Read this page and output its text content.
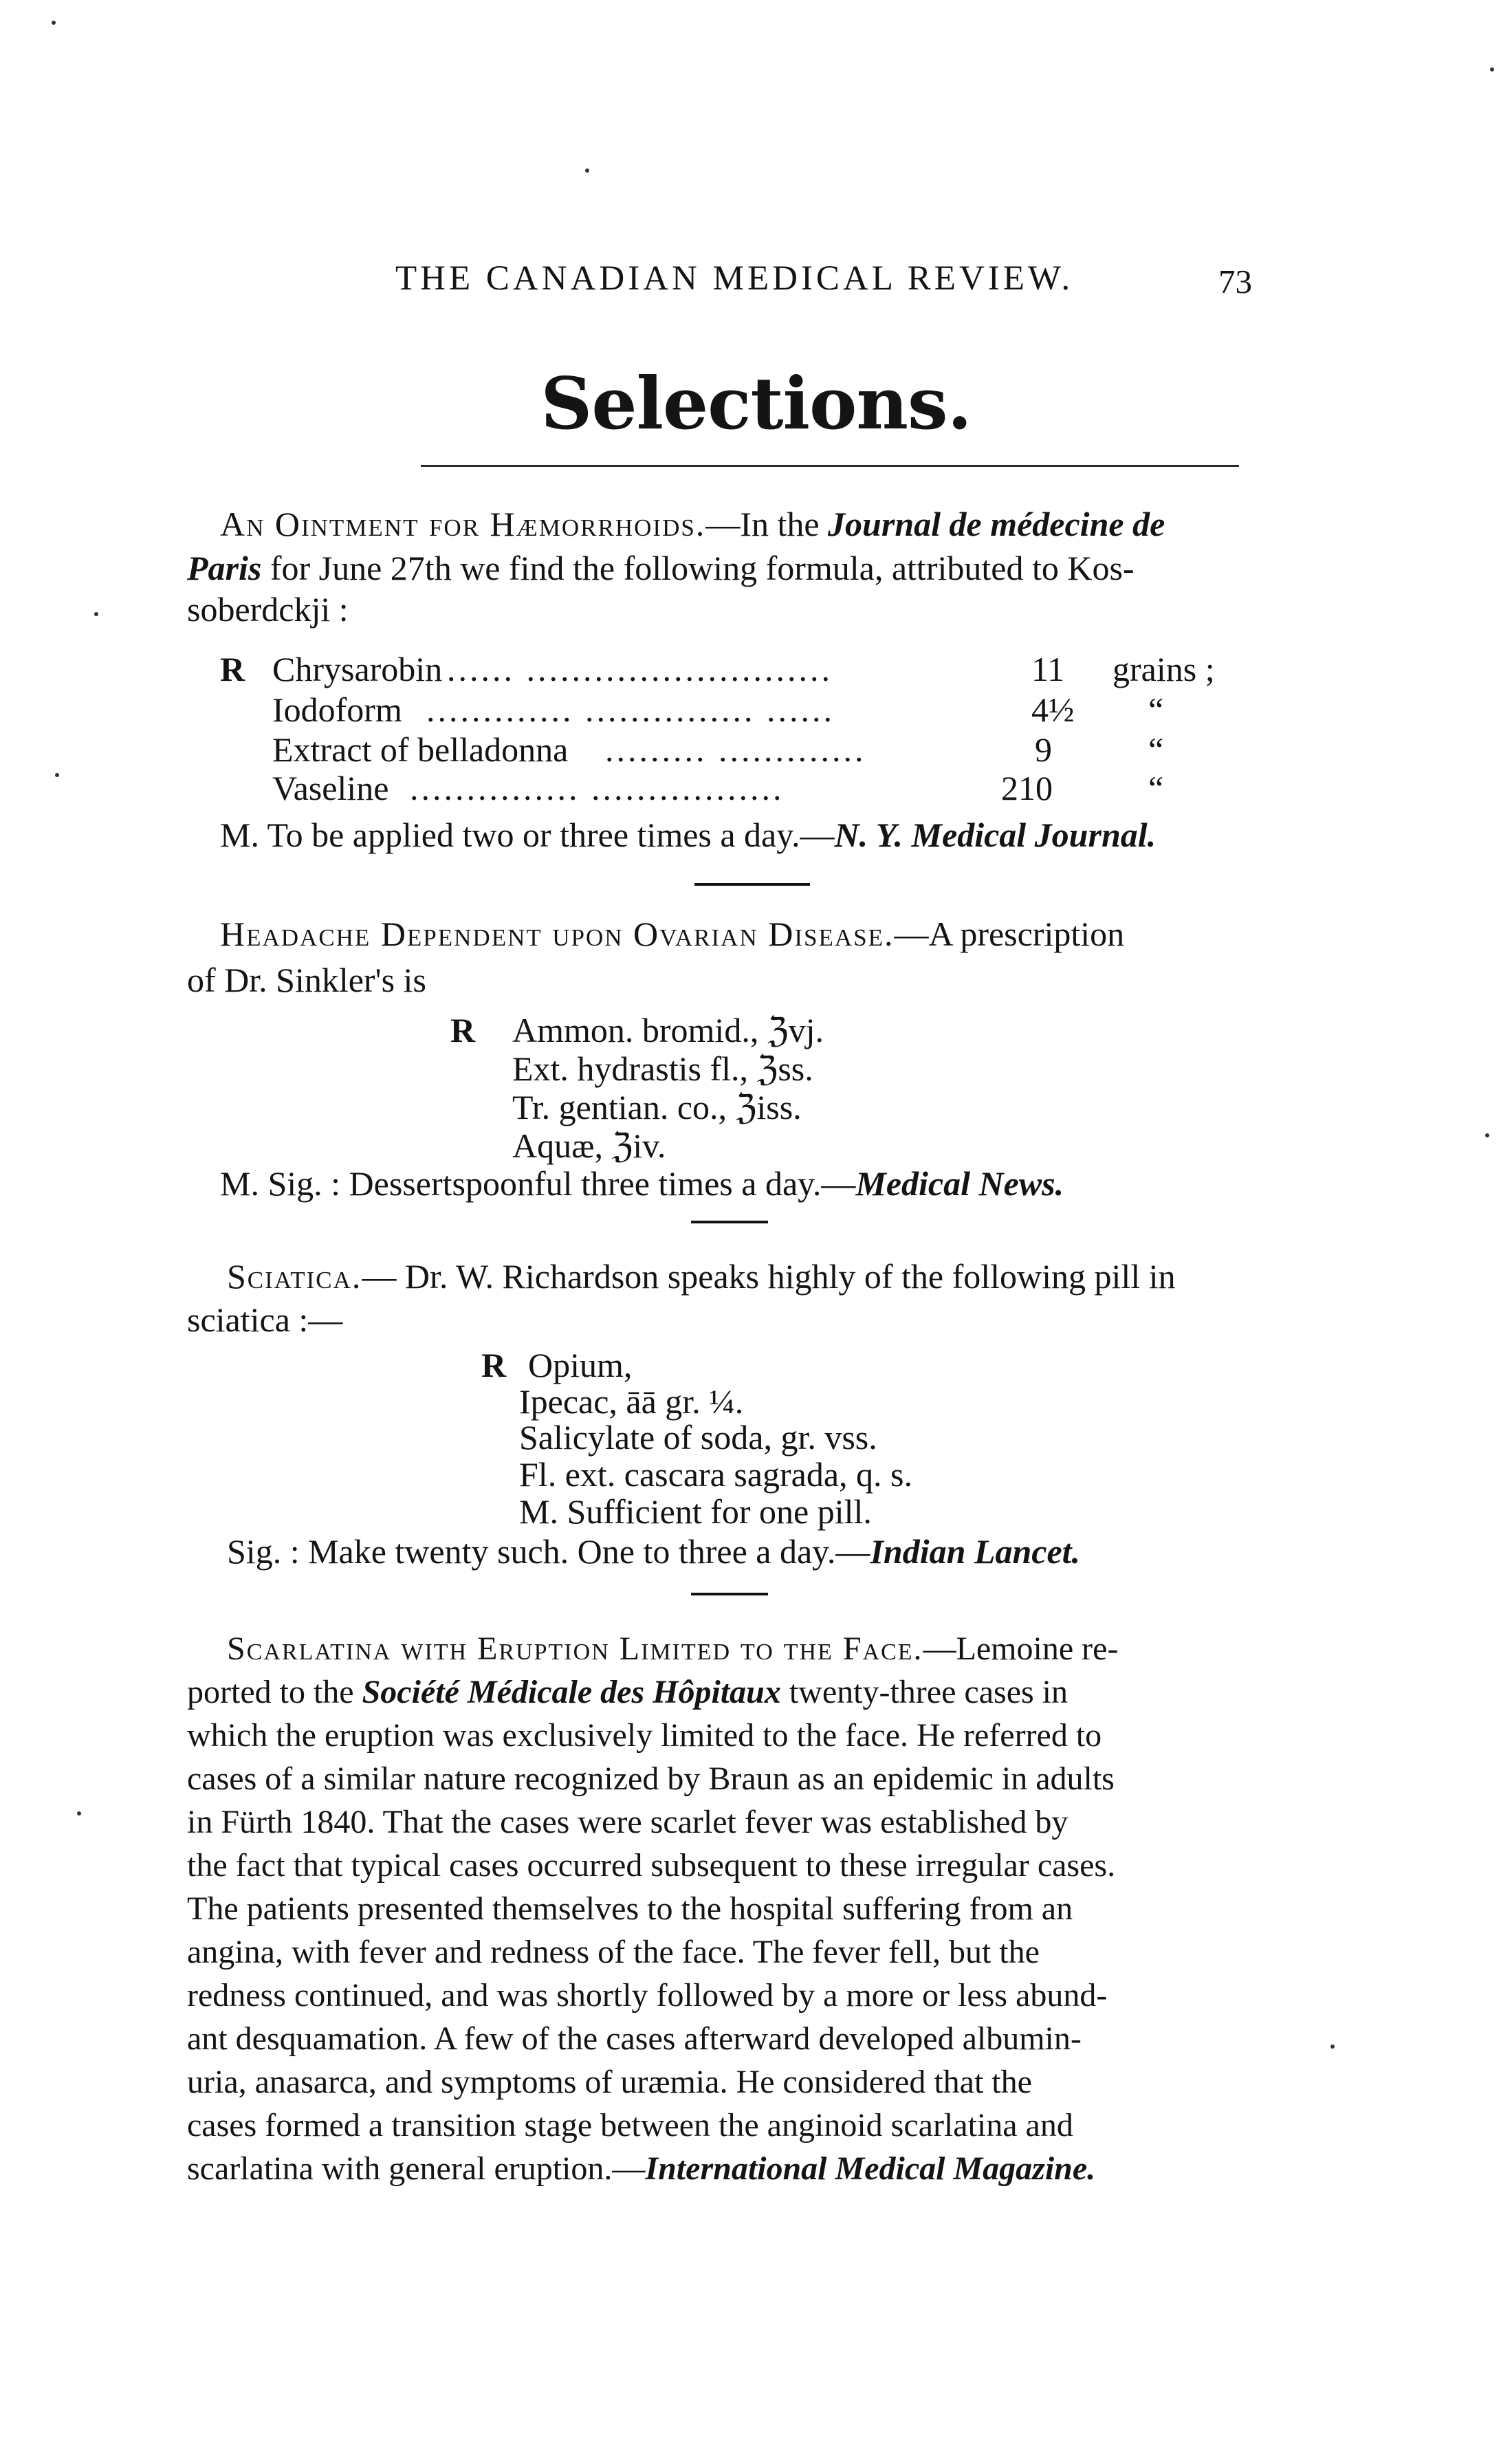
THE CANADIAN MEDICAL REVIEW.	73
Selections.
An Ointment for Hæmorrhoids.—In the Journal de médecine de
Paris for June 27th we find the following formula, attributed to Kos-
soberdckji :
R Chrysarobin ...... ...........................	11 grains ;
Iodoform ............. ............... ......	4½ “
Extract of belladonna ......... .............	9	“
Vaseline ............... .................	210	“
M. To be applied two or three times a day.—N. Y. Medical Journal.
Headache Dependent upon Ovarian Disease.—A prescription
of Dr. Sinkler's is
R Ammon. bromid., ℨvj.
Ext. hydrastis fl., ℨss.
Tr. gentian. co., ℨiss.
Aquæ, ℨiv.
M. Sig. : Dessertspoonful three times a day.—Medical News.
Sciatica.— Dr. W. Richardson speaks highly of the following pill in
sciatica :—
R Opium,
Ipecac, āā gr. ¼.
Salicylate of soda, gr. vss.
Fl. ext. cascara sagrada, q. s.
M. Sufficient for one pill.
Sig. : Make twenty such. One to three a day.—Indian Lancet.
Scarlatina with Eruption Limited to the Face.—Lemoine re-
ported to the Société Médicale des Hôpitaux twenty-three cases in
which the eruption was exclusively limited to the face. He referred to
cases of a similar nature recognized by Braun as an epidemic in adults
in Fürth 1840. That the cases were scarlet fever was established by
the fact that typical cases occurred subsequent to these irregular cases.
The patients presented themselves to the hospital suffering from an
angina, with fever and redness of the face. The fever fell, but the
redness continued, and was shortly followed by a more or less abund-
ant desquamation. A few of the cases afterward developed albumin-
uria, anasarca, and symptoms of uræmia. He considered that the
cases formed a transition stage between the anginoid scarlatina and
scarlatina with general eruption.—International Medical Magazine.
